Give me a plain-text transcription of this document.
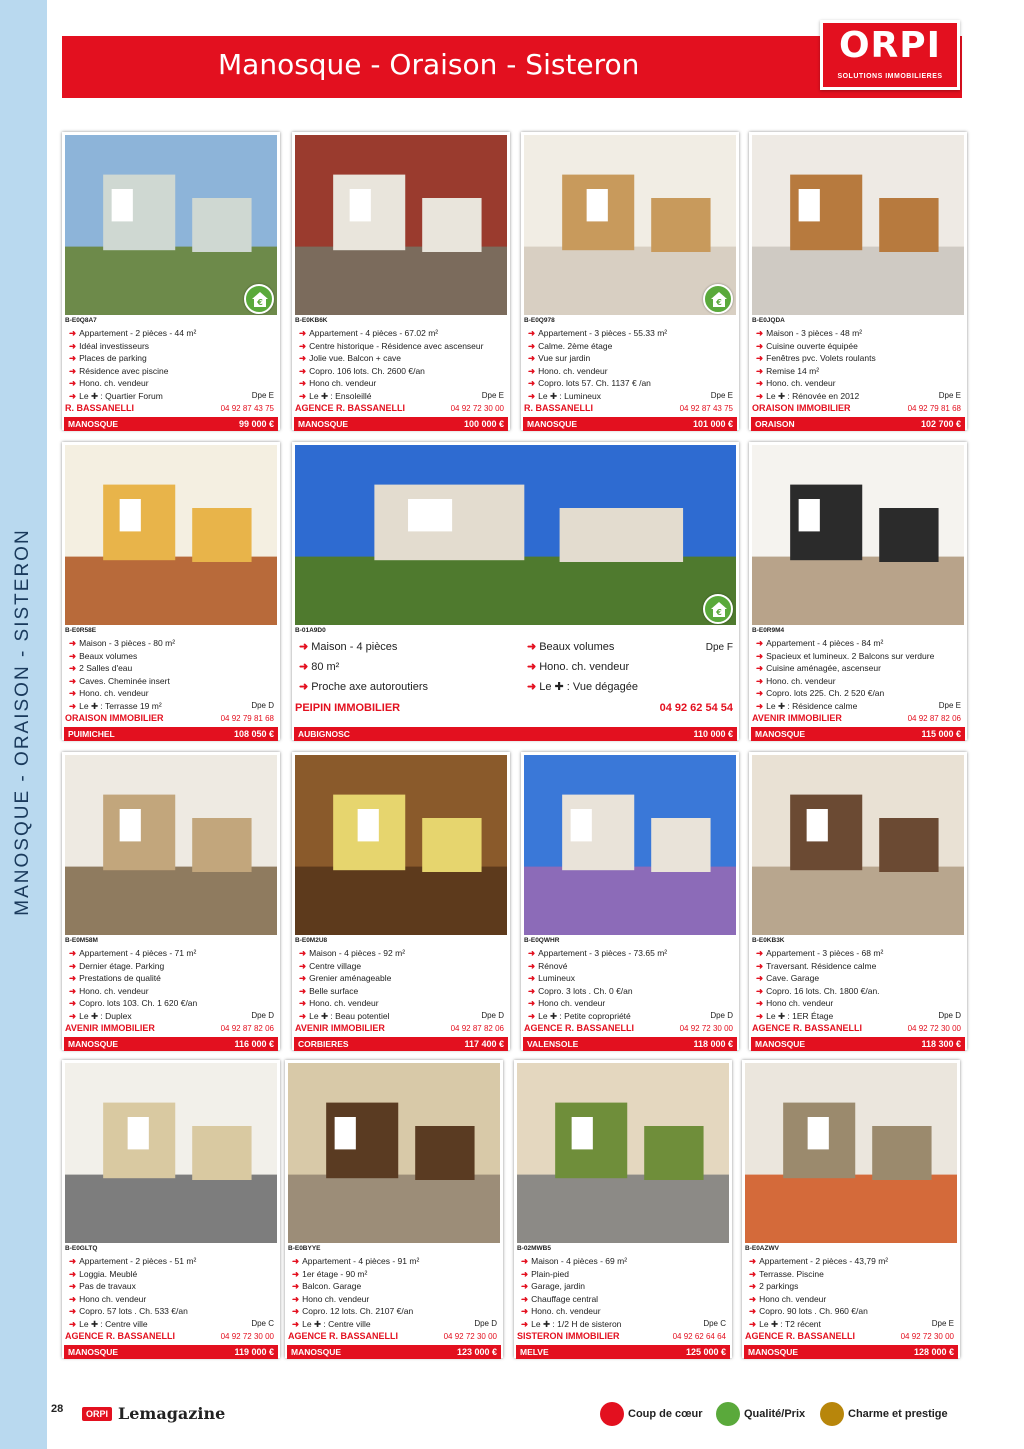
MANOSQUE - ORAISON - SISTERON
28
Manosque - Oraison - Sisteron	ORPI
SOLUTIONS IMMOBILIERES
€
B-E0Q8A7
➜ Appartement - 2 pièces - 44 m²
➜ Idéal investisseurs
➜ Places de parking
➜ Résidence avec piscine
➜ Hono. ch. vendeur
➜ Le ✚ : Quartier Forum	Dpe E
R. BASSANELLI	04 92 87 43 75
MANOSQUE	99 000 €
B-E0KB6K
➜ Appartement - 4 pièces - 67.02 m²
➜ Centre historique - Résidence avec ascenseur
➜ Jolie vue. Balcon + cave
➜ Copro. 106 lots. Ch. 2600 €/an
➜ Hono ch. vendeur
➜ Le ✚ : Ensoleillé	Dpe E
AGENCE R. BASSANELLI	04 92 72 30 00
MANOSQUE	100 000 €
€
B-E0Q978
➜ Appartement - 3 pièces - 55.33 m²
➜ Calme. 2ème étage
➜ Vue sur jardin
➜ Hono. ch. vendeur
➜ Copro. lots 57. Ch. 1137 € /an
➜ Le ✚ : Lumineux	Dpe E
R. BASSANELLI	04 92 87 43 75
MANOSQUE	101 000 €
B-E0JQDA
➜ Maison - 3 pièces - 48 m²
➜ Cuisine ouverte équipée
➜ Fenêtres pvc. Volets roulants
➜ Remise 14 m²
➜ Hono. ch. vendeur
➜ Le ✚ : Rénovée en 2012	Dpe E
ORAISON IMMOBILIER	04 92 79 81 68
ORAISON	102 700 €
B-E0R58E
➜ Maison - 3 pièces - 80 m²
➜ Beaux volumes
➜ 2 Salles d'eau
➜ Caves. Cheminée insert
➜ Hono. ch. vendeur
➜ Le ✚ : Terrasse 19 m²	Dpe D
ORAISON IMMOBILIER	04 92 79 81 68
PUIMICHEL	108 050 €
€
B-01A9D0
➜ Maison - 4 pièces
➜ 80 m²
➜ Proche axe autoroutiers
➜ Beaux volumes
➜ Hono. ch. vendeur
➜ Le ✚ : Vue dégagée
Dpe F
PEIPIN IMMOBILIER	04 92 62 54 54
AUBIGNOSC	110 000 €
B-E0R9M4
➜ Appartement - 4 pièces - 84 m²
➜ Spacieux et lumineux. 2 Balcons sur verdure
➜ Cuisine aménagée, ascenseur
➜ Hono. ch. vendeur
➜ Copro. lots 225. Ch. 2 520 €/an
➜ Le ✚ : Résidence calme	Dpe E
AVENIR IMMOBILIER	04 92 87 82 06
MANOSQUE	115 000 €
B-E0M58M
➜ Appartement - 4 pièces - 71 m²
➜ Dernier étage. Parking
➜ Prestations de qualité
➜ Hono. ch. vendeur
➜ Copro. lots 103. Ch. 1 620 €/an
➜ Le ✚ : Duplex	Dpe D
AVENIR IMMOBILIER	04 92 87 82 06
MANOSQUE	116 000 €
B-E0M2U8
➜ Maison - 4 pièces - 92 m²
➜ Centre village
➜ Grenier aménageable
➜ Belle surface
➜ Hono. ch. vendeur
➜ Le ✚ : Beau potentiel	Dpe D
AVENIR IMMOBILIER	04 92 87 82 06
CORBIERES	117 400 €
B-E0QWHR
➜ Appartement - 3 pièces - 73.65 m²
➜ Rénové
➜ Lumineux
➜ Copro. 3 lots . Ch. 0 €/an
➜ Hono ch. vendeur
➜ Le ✚ : Petite copropriété	Dpe D
AGENCE R. BASSANELLI	04 92 72 30 00
VALENSOLE	118 000 €
B-E0KB3K
➜ Appartement - 3 pièces - 68 m²
➜ Traversant. Résidence calme
➜ Cave. Garage
➜ Copro. 16 lots. Ch. 1800 €/an.
➜ Hono ch. vendeur
➜ Le ✚ : 1ER Étage	Dpe D
AGENCE R. BASSANELLI	04 92 72 30 00
MANOSQUE	118 300 €
B-E0GLTQ
➜ Appartement - 2 pièces - 51 m²
➜ Loggia. Meublé
➜ Pas de travaux
➜ Hono ch. vendeur
➜ Copro. 57 lots . Ch. 533 €/an
➜ Le ✚ : Centre ville	Dpe C
AGENCE R. BASSANELLI	04 92 72 30 00
MANOSQUE	119 000 €
B-E0BYYE
➜ Appartement - 4 pièces - 91 m²
➜ 1er étage - 90 m²
➜ Balcon. Garage
➜ Hono ch. vendeur
➜ Copro. 12 lots. Ch. 2107 €/an
➜ Le ✚ : Centre ville	Dpe D
AGENCE R. BASSANELLI	04 92 72 30 00
MANOSQUE	123 000 €
B-02MWB5
➜ Maison - 4 pièces - 69 m²
➜ Plain-pied
➜ Garage, jardin
➜ Chauffage central
➜ Hono. ch. vendeur
➜ Le ✚ : 1/2 H de sisteron	Dpe C
SISTERON IMMOBILIER	04 92 62 64 64
MELVE	125 000 €
B-E0AZWV
➜ Appartement - 2 pièces - 43,79 m²
➜ Terrasse. Piscine
➜ 2 parkings
➜ Hono ch. vendeur
➜ Copro. 90 lots . Ch. 960 €/an
➜ Le ✚ : T2 récent	Dpe E
AGENCE R. BASSANELLI	04 92 72 30 00
MANOSQUE	128 000 €
ORPI Lemagazine	Coup de cœur	Qualité/Prix	Charme et prestige
